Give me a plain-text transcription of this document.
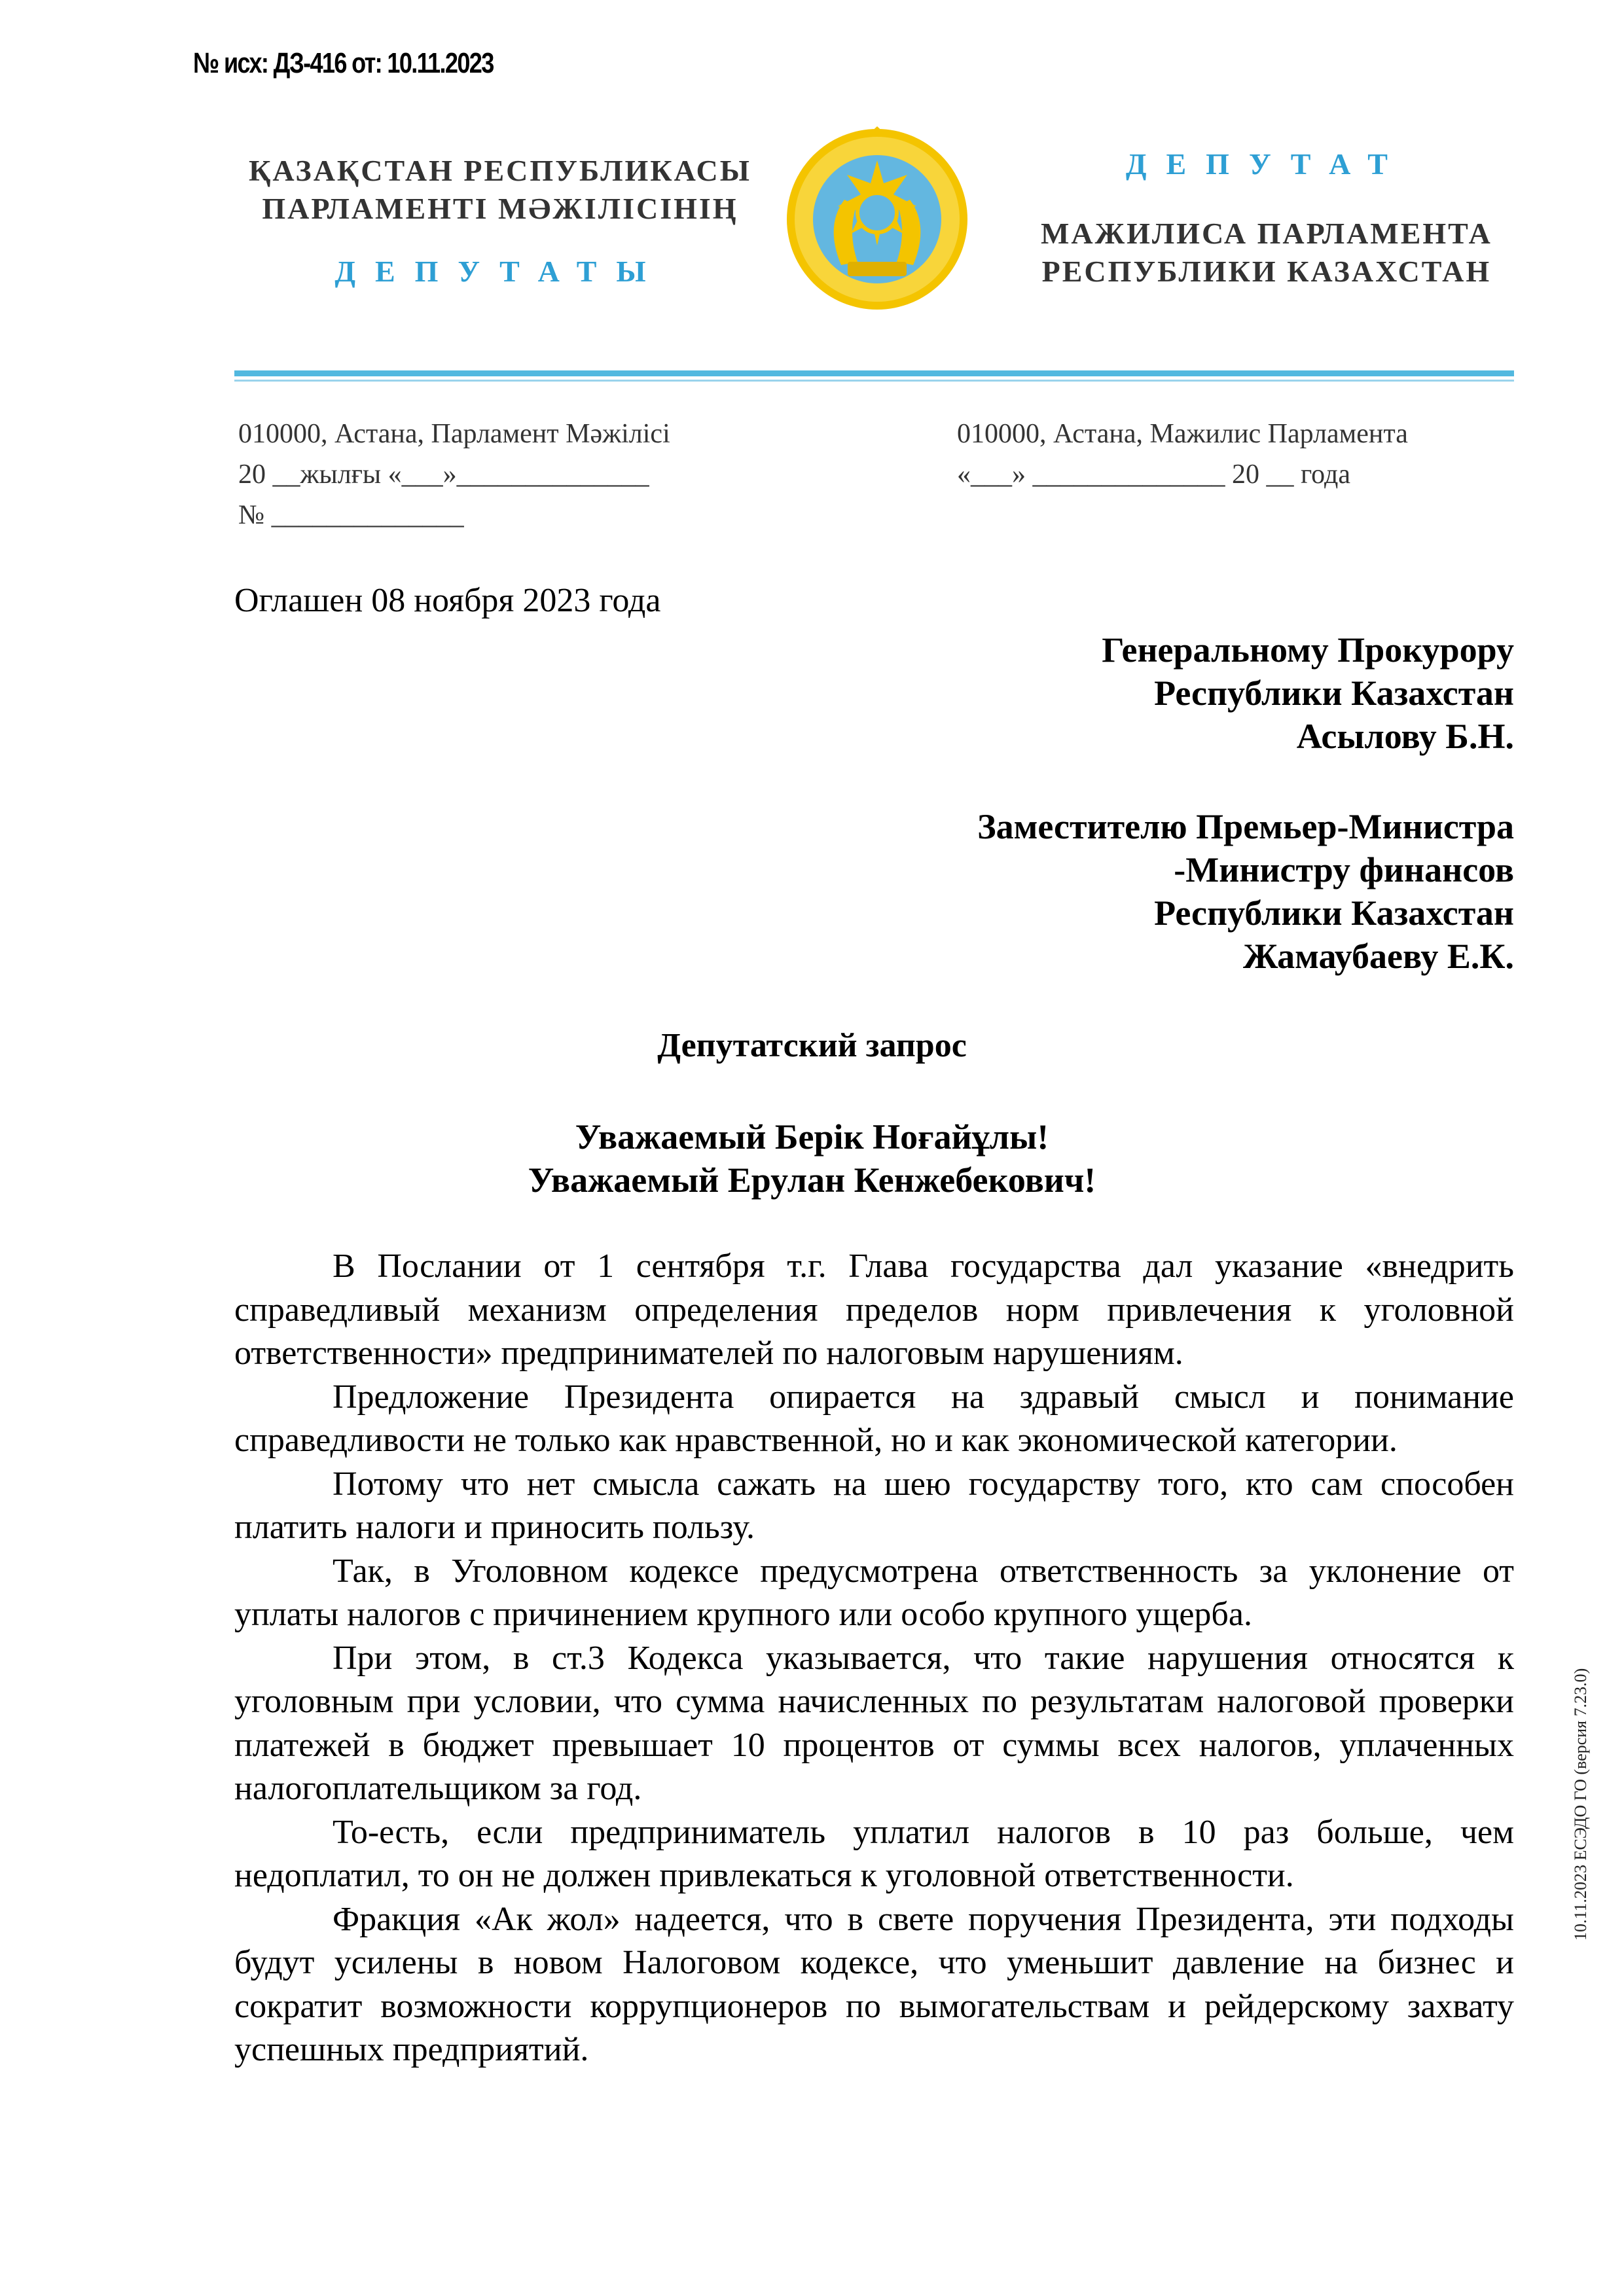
№ исх: ДЗ-416 от: 10.11.2023
ҚАЗАҚСТАН РЕСПУБЛИКАСЫ
ПАРЛАМЕНТІ МӘЖІЛІСІНІҢ
ДЕПУТАТЫ
ДЕПУТАТ
МАЖИЛИСА ПАРЛАМЕНТА
РЕСПУБЛИКИ КАЗАХСТАН
010000, Астана, Парламент Мәжілісі
20 __жылғы «___»______________
№ ______________
010000, Астана, Мажилис Парламента
«___» ______________ 20 __ года
Оглашен 08 ноября 2023 года
Генеральному Прокурору
Республики Казахстан
Асылову Б.Н.
Заместителю Премьер-Министра
-Министру финансов
Республики Казахстан
Жамаубаеву Е.К.
Депутатский запрос
Уважаемый Берік Ноғайұлы!
Уважаемый Ерулан Кенжебекович!

В Послании от 1 сентября т.г. Глава государства дал указание «внедрить справедливый механизм определения пределов норм привлечения к уголовной ответственности» предпринимателей по налоговым нарушениям.

Предложение Президента опирается на здравый смысл и понимание справедливости не только как нравственной, но и как экономической категории.

Потому что нет смысла сажать на шею государству того, кто сам способен платить налоги и приносить пользу.

Так, в Уголовном кодексе предусмотрена ответственность за уклонение от уплаты налогов с причинением крупного или особо крупного ущерба.

При этом, в ст.3 Кодекса указывается, что такие нарушения относятся к уголовным при условии, что сумма начисленных по результатам налоговой проверки платежей в бюджет превышает 10 процентов от суммы всех налогов, уплаченных налогоплательщиком за год.

То-есть, если предприниматель уплатил налогов в 10 раз больше, чем недоплатил, то он не должен привлекаться к уголовной ответственности.

Фракция «Ак жол» надеется, что в свете поручения Президента, эти подходы будут усилены в новом Налоговом кодексе, что уменьшит давление на бизнес и сократит возможности коррупционеров по вымогательствам и рейдерскому захвату успешных предприятий.

10.11.2023 ЕСЭДО ГО (версия 7.23.0)
